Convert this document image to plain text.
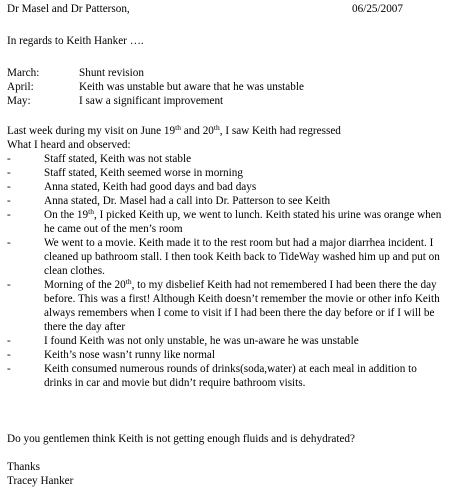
Dr Masel and Dr Patterson,	06/25/2007
In regards to Keith Hanker ….
March:	Shunt revision
April:	Keith was unstable but aware that he was unstable
May:	I saw a significant improvement
Last week during my visit on June 19th and 20th, I saw Keith had regressed
What I heard and observed:
-	Staff stated, Keith was not stable
-	Staff stated, Keith seemed worse in morning
-	Anna stated, Keith had good days and bad days
-	Anna stated, Dr. Masel had a call into Dr. Patterson to see Keith
-	On the 19th, I picked Keith up, we went to lunch. Keith stated his urine was orange when he came out of the men’s room
-	We went to a movie. Keith made it to the rest room but had a major diarrhea incident. I cleaned up bathroom stall. I then took Keith back to TideWay washed him up and put on clean clothes.
-	Morning of the 20th, to my disbelief Keith had not remembered I had been there the day before. This was a first! Although Keith doesn’t remember the movie or other info Keith always remembers when I come to visit if I had been there the day before or if I will be there the day after
-	I found Keith was not only unstable, he was un-aware he was unstable
-	Keith’s nose wasn’t runny like normal
-	Keith consumed numerous rounds of drinks(soda,water) at each meal in addition to drinks in car and movie but didn’t require bathroom visits.
Do you gentlemen think Keith is not getting enough fluids and is dehydrated?
Thanks
Tracey Hanker
